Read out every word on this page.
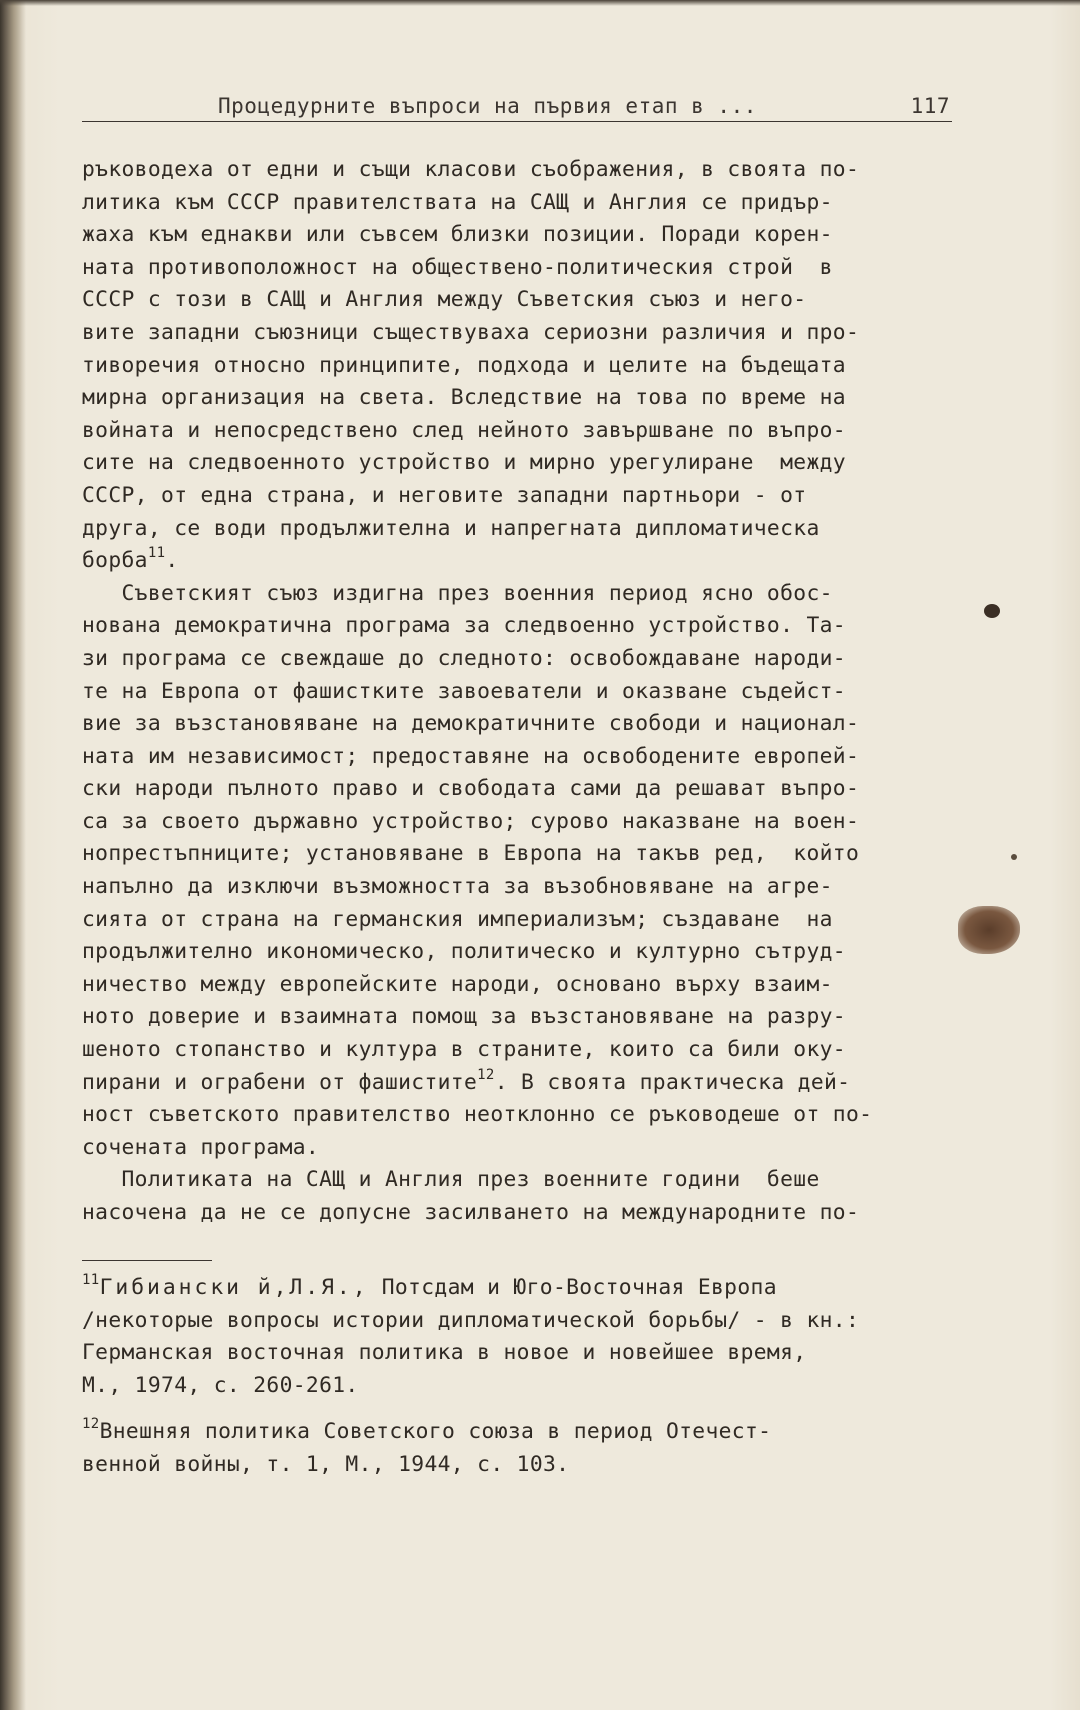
Процедурните въпроси на първия етап в ...	117
ръководеха от едни и същи класови съображения, в своята по-
литика към СССР правителствата на САЩ и Англия се придър-
жаха към еднакви или съвсем близки позиции. Поради корен-
ната противоположност на обществено-политическия строй  в
СССР с този в САЩ и Англия между Съветския съюз и него-
вите западни съюзници съществуваха сериозни различия и про-
тиворечия относно принципите, подхода и целите на бъдещата
мирна организация на света. Вследствие на това по време на
войната и непосредствено след нейното завършване по въпро-
сите на следвоенното устройство и мирно урегулиране  между
СССР, от една страна, и неговите западни партньори - от
друга, се води продължителна и напрегната дипломатическа
борба$^{11}$.
Съветският съюз издигна през военния период ясно обос-
нована демократична програма за следвоенно устройство. Та-
зи програма се свеждаше до следното: освобождаване народи-
те на Европа от фашистките завоеватели и оказване съдейст-
вие за възстановяване на демократичните свободи и национал-
ната им независимост; предоставяне на освободените европей-
ски народи пълното право и свободата сами да решават въпро-
са за своето държавно устройство; сурово наказване на воен-
нопрестъпниците; установяване в Европа на такъв ред,  който
напълно да изключи възможността за възобновяване на агре-
сията от страна на германския империализъм; създаване  на
продължително икономическо, политическо и културно сътруд-
ничество между европейските народи, основано върху взаим-
ното доверие и взаимната помощ за възстановяване на разру-
шеното стопанство и култура в страните, които са били оку-
пирани и ограбени от фашистите$^{12}$. В своята практическа дей-
ност съветското правителство неотклонно се ръководеше от по-
сочената програма.
Политиката на САЩ и Англия през военните години  беше
насочена да не се допусне засилването на международните по-
$^{11}$Гибиански й,Л.Я., Потсдам и Юго-Восточная Европа
/некоторые вопросы истории дипломатической борьбы/ - в кн.:
Германская восточная политика в новое и новейшее время,
М., 1974, с. 260-261.
$^{12}$Внешняя политика Советского союза в период Отечест-
венной войны, т. 1, М., 1944, с. 103.
